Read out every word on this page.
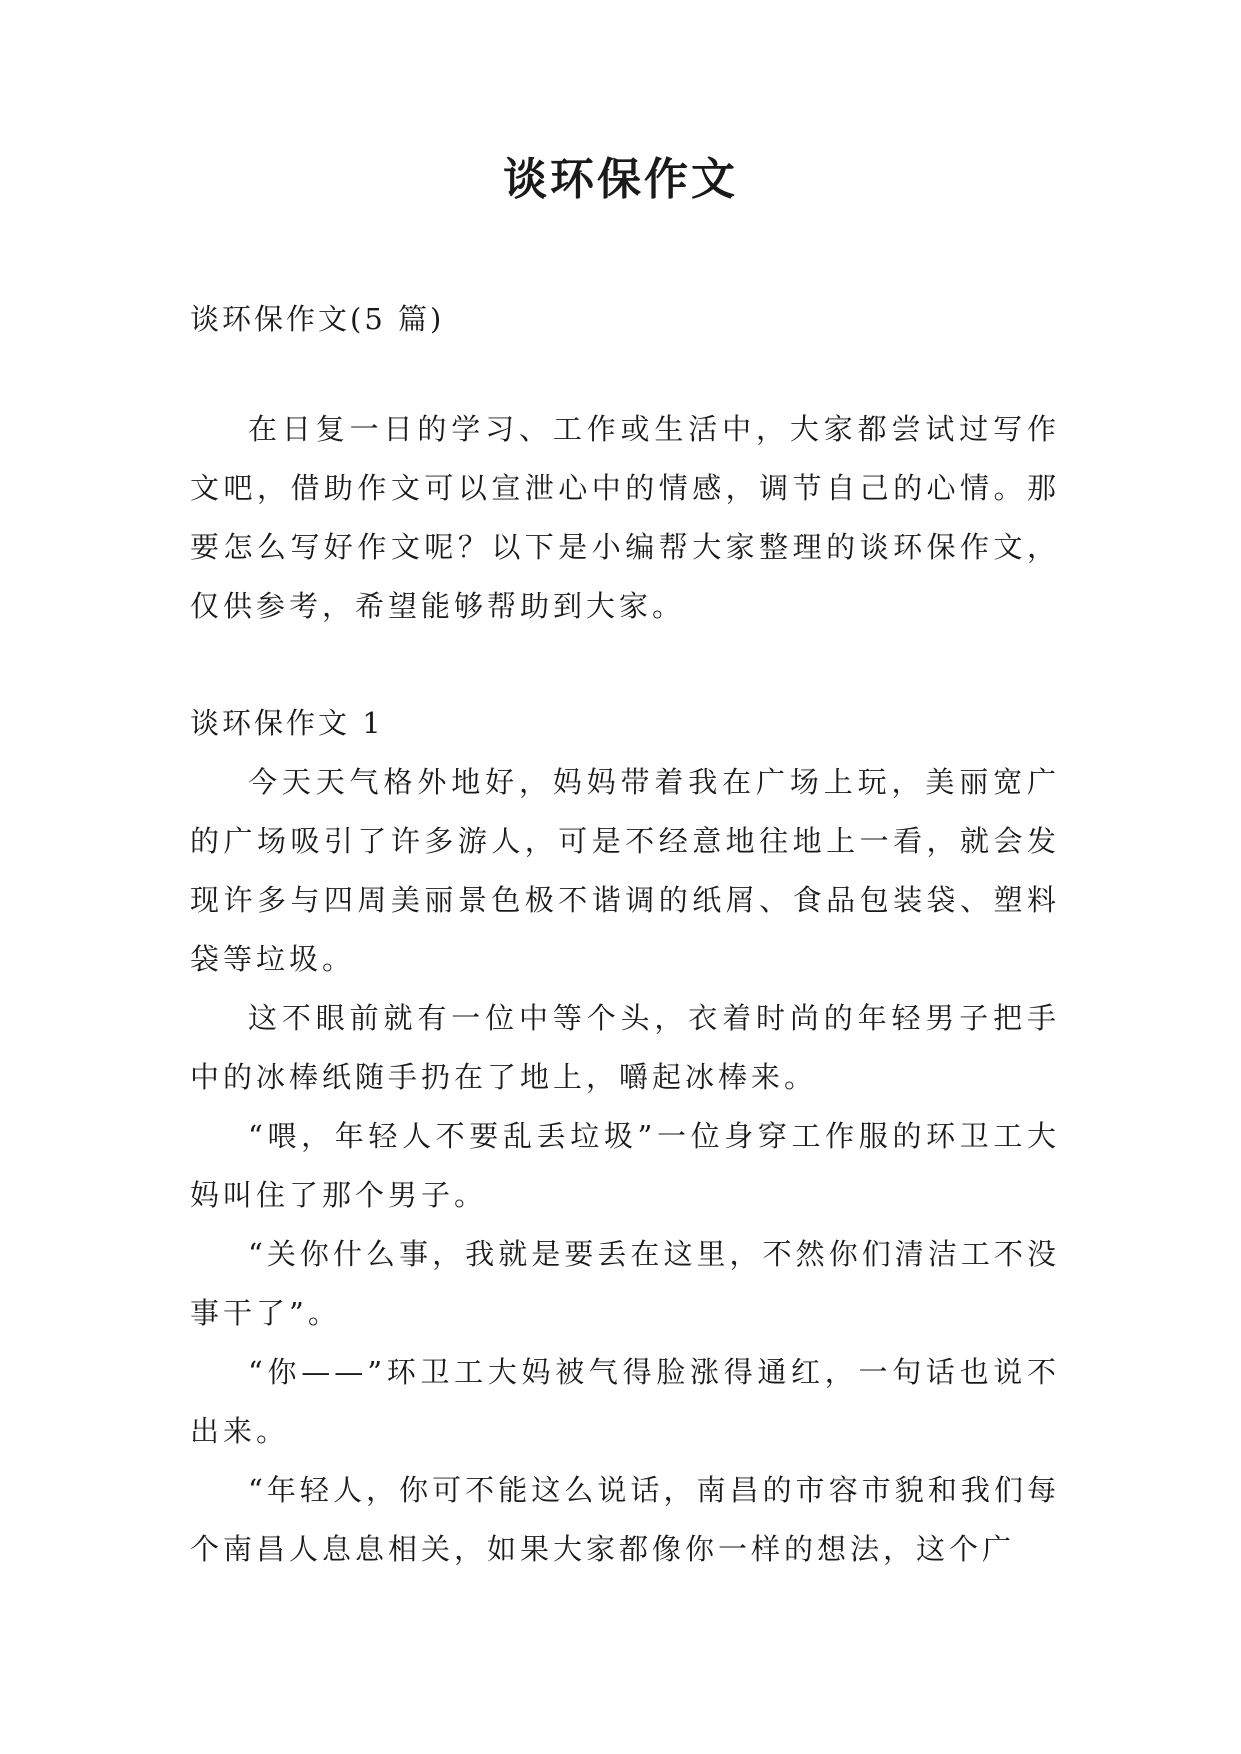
谈环保作文

谈环保作文(5 篇)

在日复一日的学习、工作或生活中，大家都尝试过写作文吧，借助作文可以宣泄心中的情感，调节自己的心情。那要怎么写好作文呢？以下是小编帮大家整理的谈环保作文，仅供参考，希望能够帮助到大家。

谈环保作文 1

今天天气格外地好，妈妈带着我在广场上玩，美丽宽广的广场吸引了许多游人，可是不经意地往地上一看，就会发现许多与四周美丽景色极不谐调的纸屑、食品包装袋、塑料袋等垃圾。

这不眼前就有一位中等个头，衣着时尚的年轻男子把手中的冰棒纸随手扔在了地上，嚼起冰棒来。

“喂，年轻人不要乱丢垃圾”一位身穿工作服的环卫工大妈叫住了那个男子。

“关你什么事，我就是要丢在这里，不然你们清洁工不没事干了”。

“你——”环卫工大妈被气得脸涨得通红，一句话也说不出来。

“年轻人，你可不能这么说话，南昌的市容市貌和我们每个南昌人息息相关，如果大家都像你一样的想法，这个广
